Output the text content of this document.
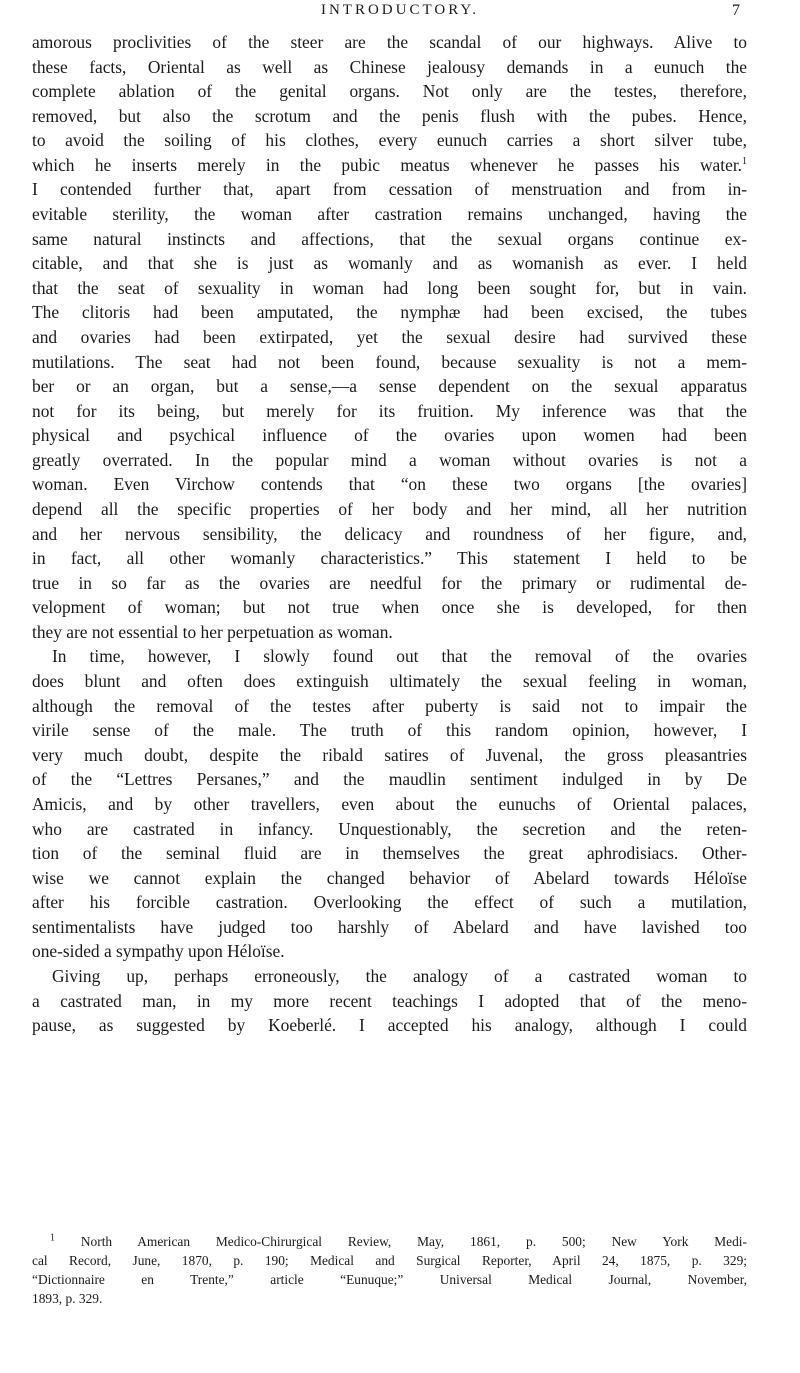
INTRODUCTORY.	7

amorous proclivities of the steer are the scandal of our highways. Alive to
these facts, Oriental as well as Chinese jealousy demands in a eunuch the
complete ablation of the genital organs. Not only are the testes, therefore,
removed, but also the scrotum and the penis flush with the pubes. Hence,
to avoid the soiling of his clothes, every eunuch carries a short silver tube,
which he inserts merely in the pubic meatus whenever he passes his water.$^1$
I contended further that, apart from cessation of menstruation and from in-
evitable sterility, the woman after castration remains unchanged, having the
same natural instincts and affections, that the sexual organs continue ex-
citable, and that she is just as womanly and as womanish as ever. I held
that the seat of sexuality in woman had long been sought for, but in vain.
The clitoris had been amputated, the nymphæ had been excised, the tubes
and ovaries had been extirpated, yet the sexual desire had survived these
mutilations. The seat had not been found, because sexuality is not a mem-
ber or an organ, but a sense,—a sense dependent on the sexual apparatus
not for its being, but merely for its fruition. My inference was that the
physical and psychical influence of the ovaries upon women had been
greatly overrated. In the popular mind a woman without ovaries is not a
woman. Even Virchow contends that “on these two organs [the ovaries]
depend all the specific properties of her body and her mind, all her nutrition
and her nervous sensibility, the delicacy and roundness of her figure, and,
in fact, all other womanly characteristics.” This statement I held to be
true in so far as the ovaries are needful for the primary or rudimental de-
velopment of woman; but not true when once she is developed, for then
they are not essential to her perpetuation as woman.

In time, however, I slowly found out that the removal of the ovaries
does blunt and often does extinguish ultimately the sexual feeling in woman,
although the removal of the testes after puberty is said not to impair the
virile sense of the male. The truth of this random opinion, however, I
very much doubt, despite the ribald satires of Juvenal, the gross pleasantries
of the “Lettres Persanes,” and the maudlin sentiment indulged in by De
Amicis, and by other travellers, even about the eunuchs of Oriental palaces,
who are castrated in infancy. Unquestionably, the secretion and the reten-
tion of the seminal fluid are in themselves the great aphrodisiacs. Other-
wise we cannot explain the changed behavior of Abelard towards Héloïse
after his forcible castration. Overlooking the effect of such a mutilation,
sentimentalists have judged too harshly of Abelard and have lavished too
one-sided a sympathy upon Héloïse.

Giving up, perhaps erroneously, the analogy of a castrated woman to
a castrated man, in my more recent teachings I adopted that of the meno-
pause, as suggested by Koeberlé. I accepted his analogy, although I could

$^1$ North American Medico-Chirurgical Review, May, 1861, p. 500; New York Medi-
cal Record, June, 1870, p. 190; Medical and Surgical Reporter, April 24, 1875, p. 329;
“Dictionnaire en Trente,” article “Eunuque;” Universal Medical Journal, November,
1893, p. 329.
